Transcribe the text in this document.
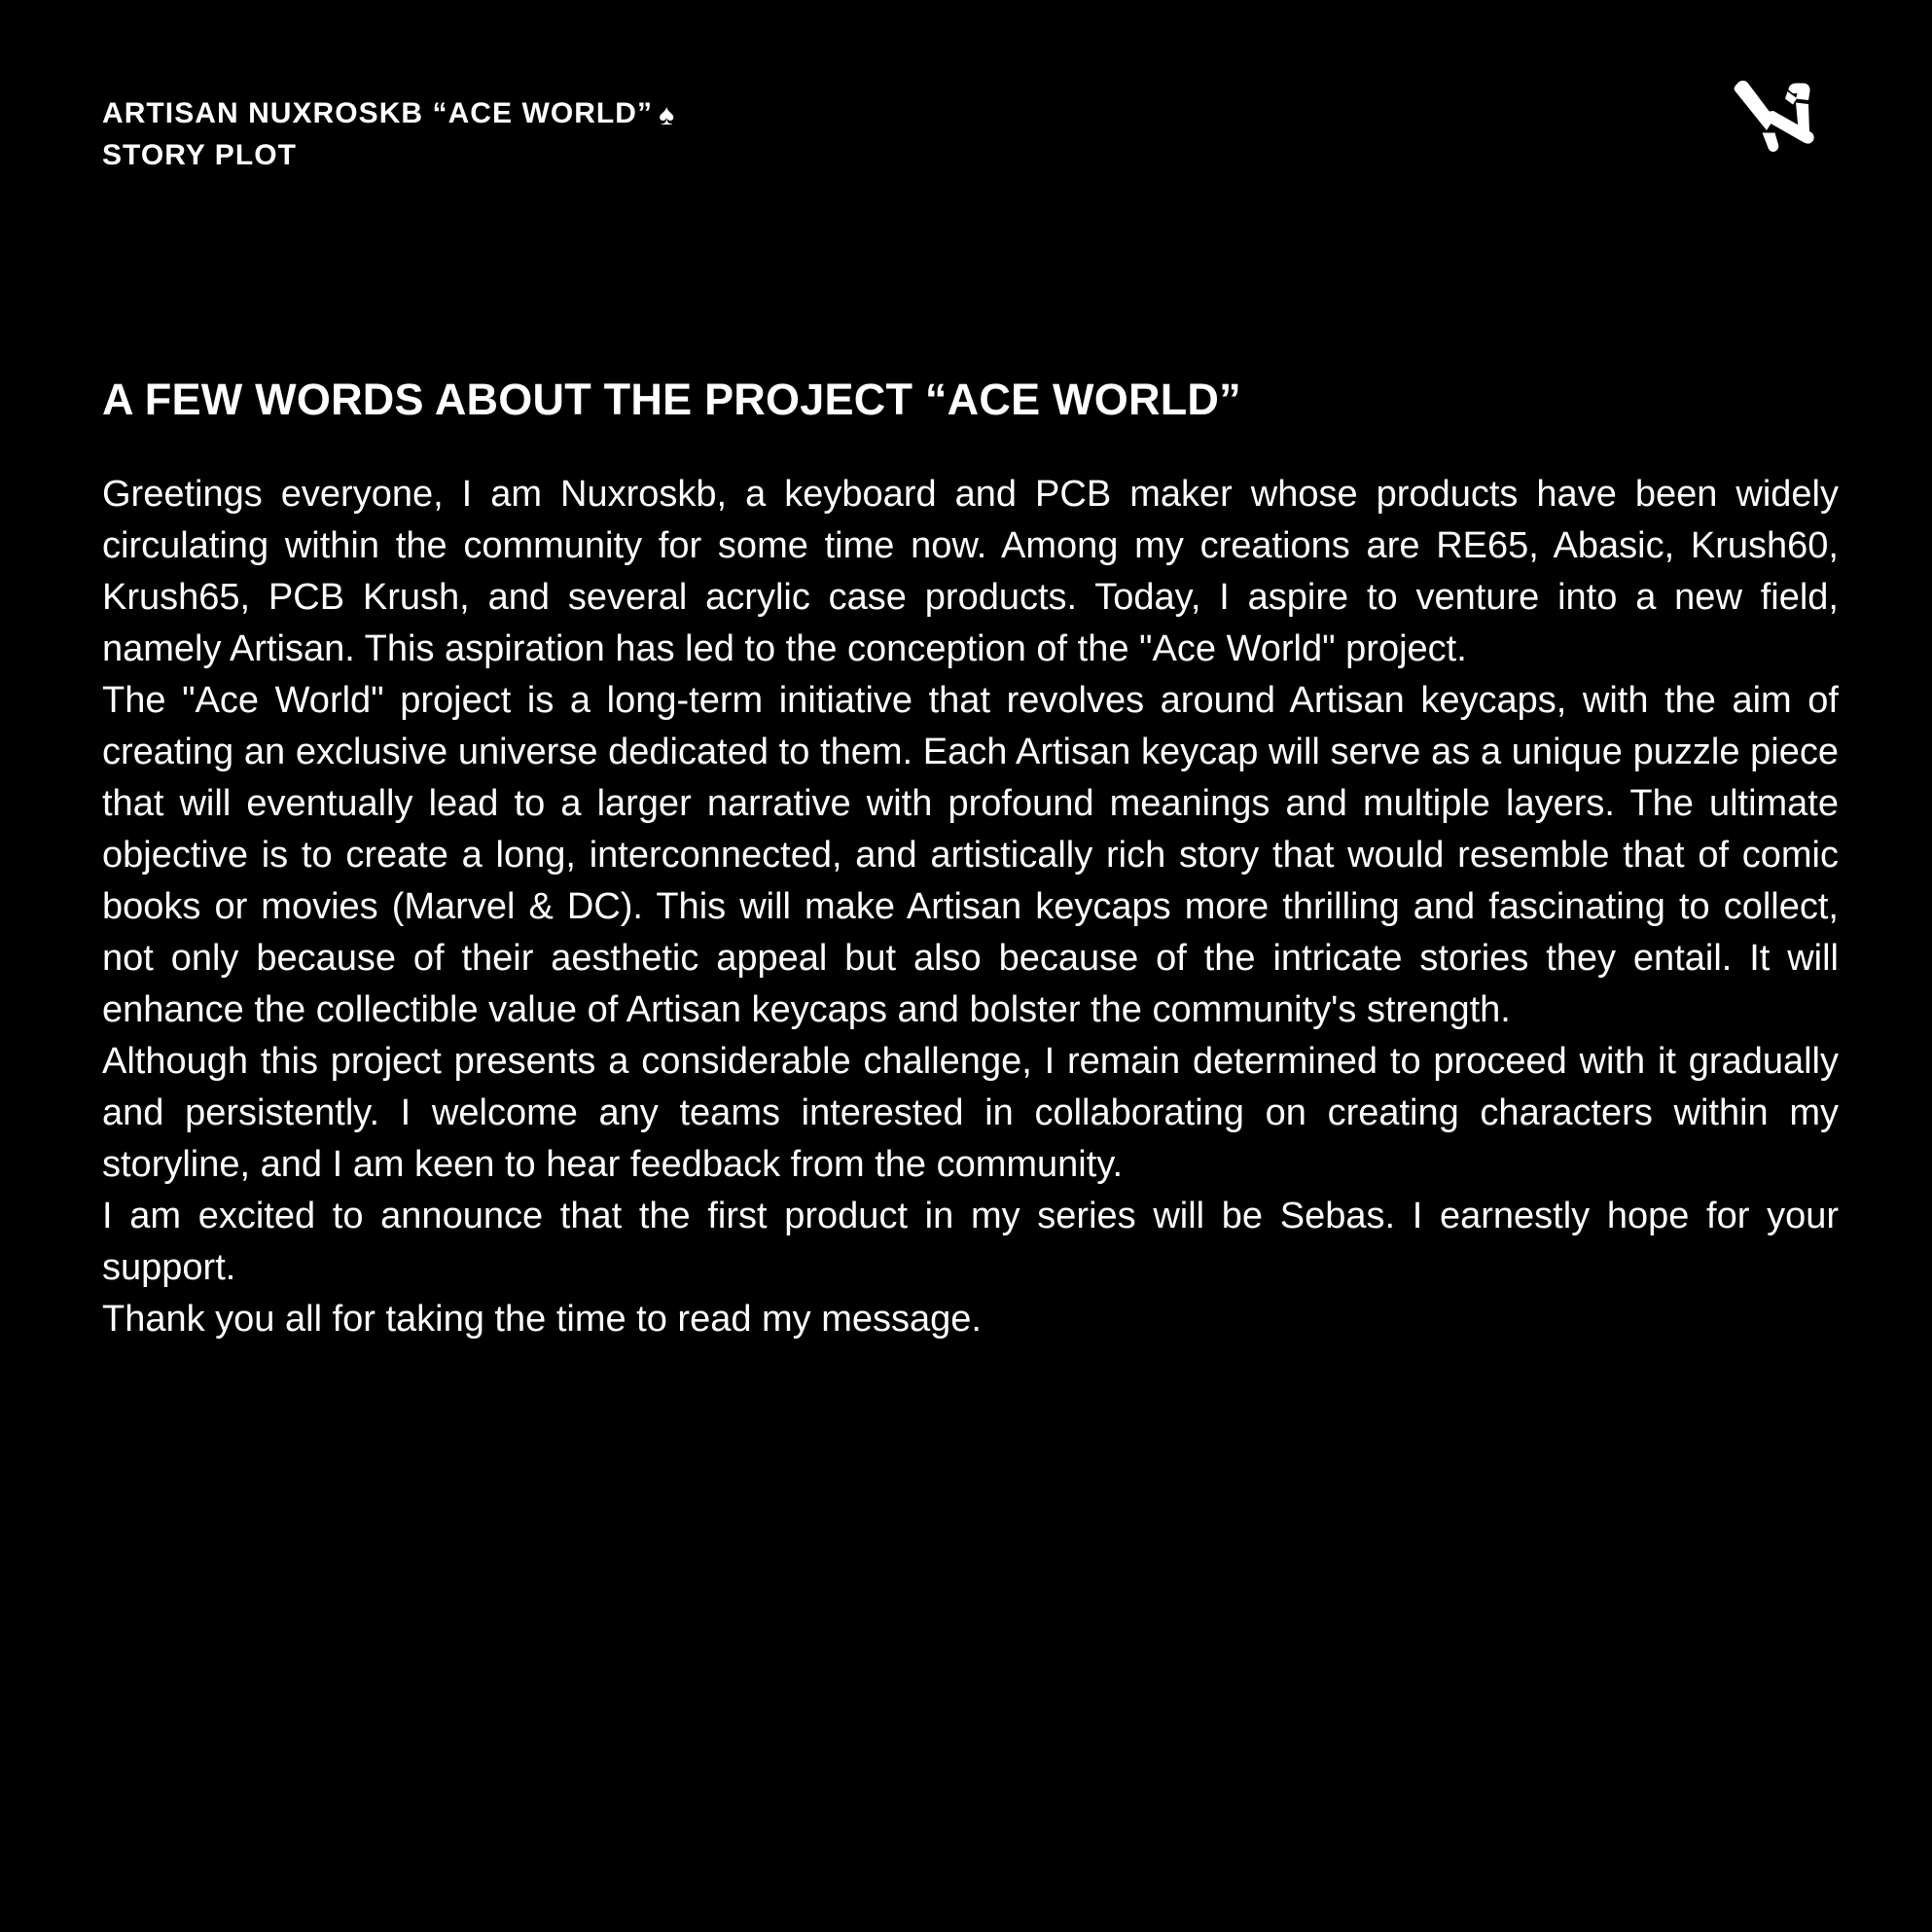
ARTISAN NUXROSKB “ACE WORLD” ♠
STORY PLOT
A FEW WORDS ABOUT THE PROJECT “ACE WORLD”

Greetings everyone, I am Nuxroskb, a keyboard and PCB maker whose products have been widely circulating within the community for some time now. Among my creations are RE65, Abasic, Krush60, Krush65, PCB Krush, and several acrylic case products. Today, I aspire to venture into a new field, namely Artisan. This aspiration has led to the conception of the "Ace World" project.

The "Ace World" project is a long-term initiative that revolves around Artisan keycaps, with the aim of creating an exclusive universe dedicated to them. Each Artisan keycap will serve as a unique puzzle piece that will eventually lead to a larger narrative with profound meanings and multiple layers. The ultimate objective is to create a long, interconnected, and artistically rich story that would resemble that of comic books or movies (Marvel & DC). This will make Artisan keycaps more thrilling and fascinating to collect, not only because of their aesthetic appeal but also because of the intricate stories they entail. It will enhance the collectible value of Artisan keycaps and bolster the community's strength.

Although this project presents a considerable challenge, I remain determined to proceed with it gradually and persistently. I welcome any teams interested in collaborating on creating characters within my storyline, and I am keen to hear feedback from the community.

I am excited to announce that the first product in my series will be Sebas. I earnestly hope for your support.

Thank you all for taking the time to read my message.
